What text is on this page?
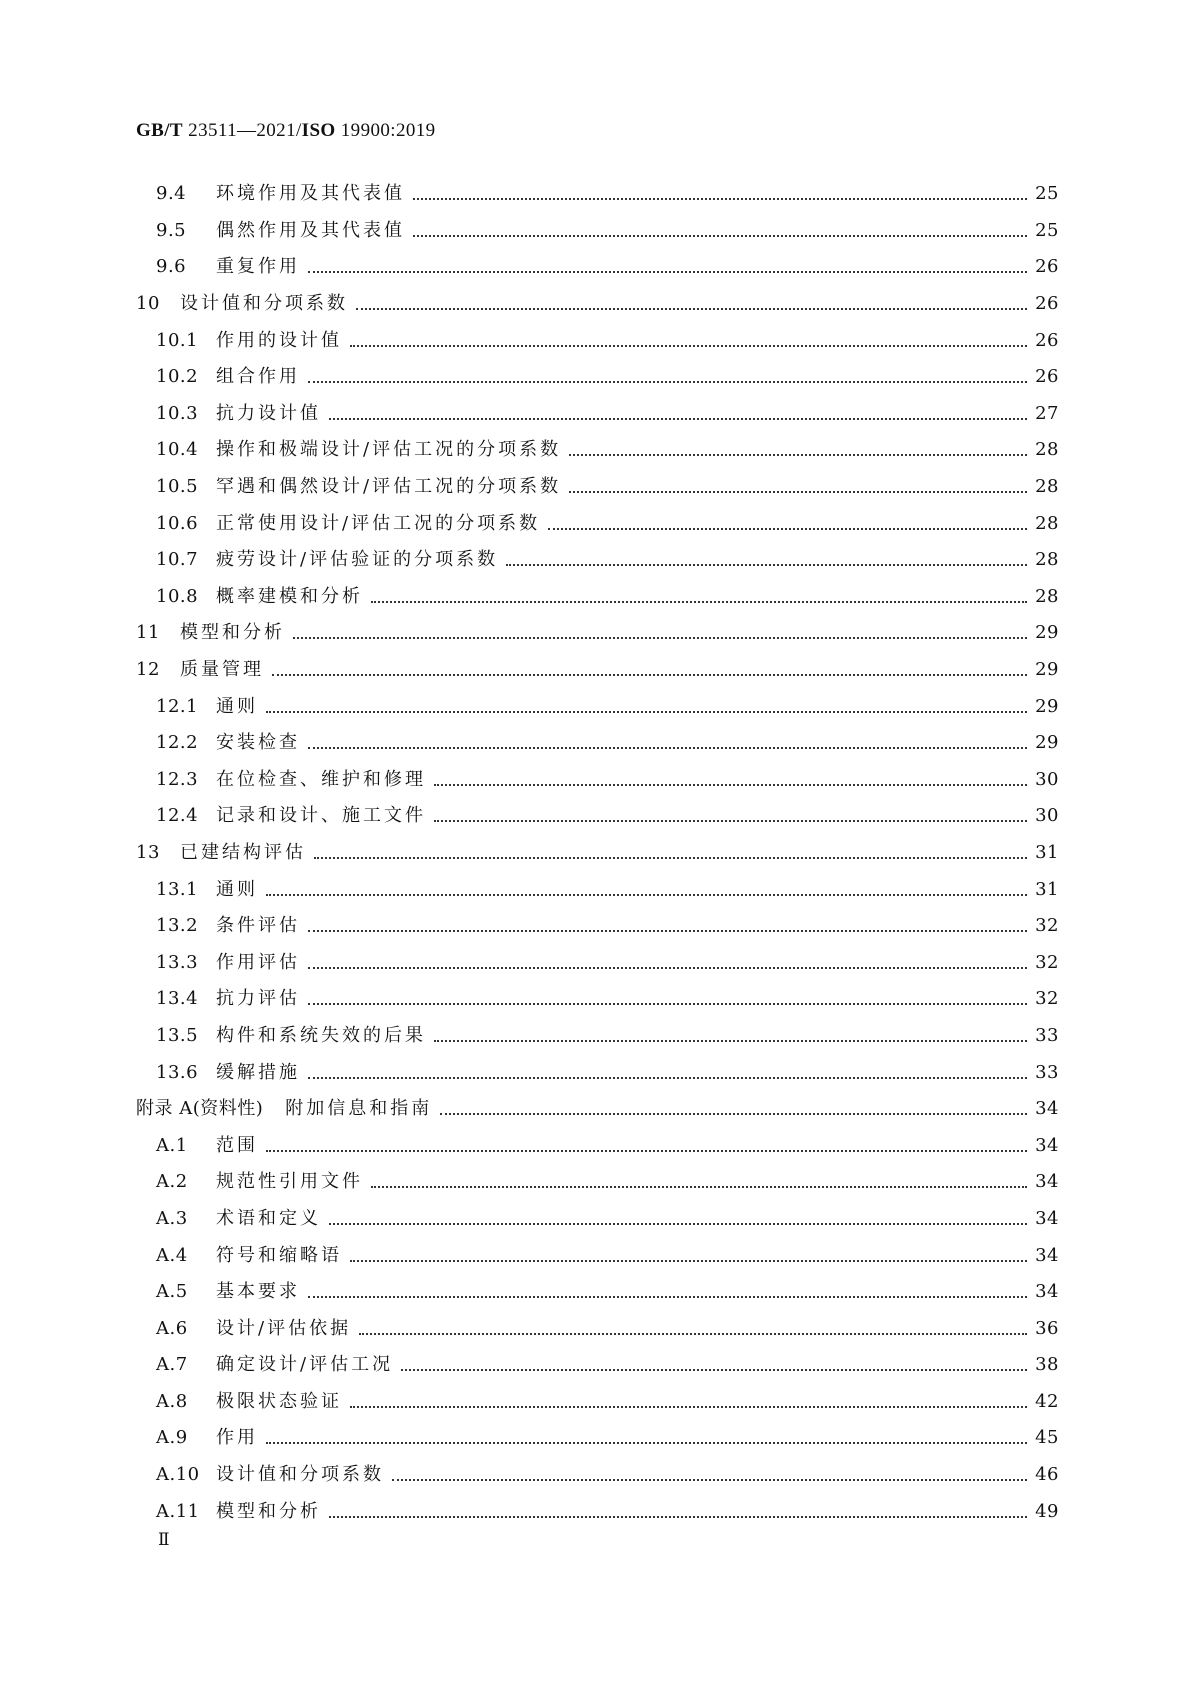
GB/T 23511—2021/ISO 19900:2019
9.4	环境作用及其代表值	25
9.5	偶然作用及其代表值	25
9.6	重复作用	26
10	设计值和分项系数	26
10.1 作用的设计值	26
10.2 组合作用	26
10.3 抗力设计值	27
10.4 操作和极端设计/评估工况的分项系数	28
10.5 罕遇和偶然设计/评估工况的分项系数	28
10.6 正常使用设计/评估工况的分项系数	28
10.7 疲劳设计/评估验证的分项系数	28
10.8 概率建模和分析	28
11	模型和分析	29
12	质量管理	29
12.1 通则	29
12.2 安装检查	29
12.3 在位检查、维护和修理	30
12.4 记录和设计、施工文件	30
13	已建结构评估	31
13.1 通则	31
13.2 条件评估	32
13.3 作用评估	32
13.4 抗力评估	32
13.5 构件和系统失效的后果	33
13.6 缓解措施	33
附录 A(资料性) 附加信息和指南	34
A.1	范围	34
A.2	规范性引用文件	34
A.3	术语和定义	34
A.4	符号和缩略语	34
A.5	基本要求	34
A.6	设计/评估依据	36
A.7	确定设计/评估工况	38
A.8	极限状态验证	42
A.9	作用	45
A.10 设计值和分项系数	46
A.11 模型和分析	49
Ⅱ
